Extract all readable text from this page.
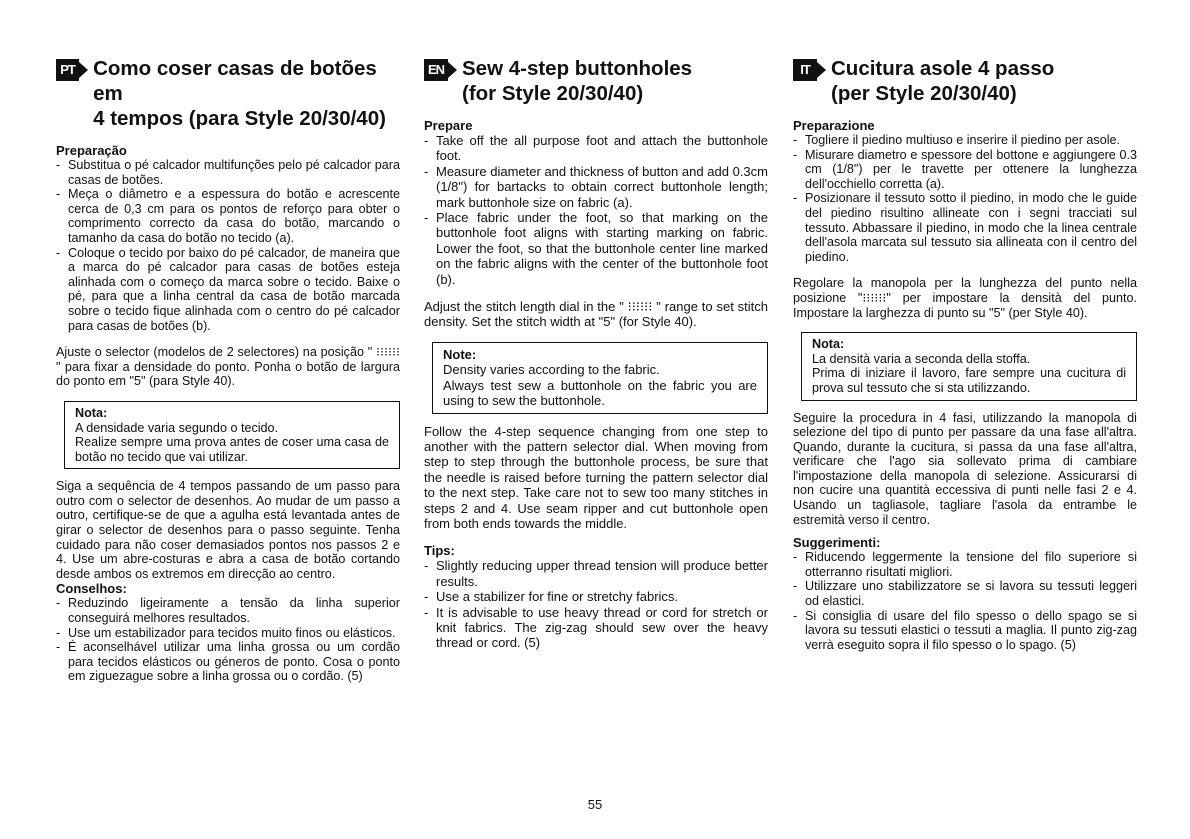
PT Como coser casas de botões em
4 tempos (para Style 20/30/40)
Preparação
- Substitua o pé calcador multifunções pelo pé calcador para casas de botões.
- Meça o diâmetro e a espessura do botão e acrescente cerca de 0,3 cm para os pontos de reforço para obter o comprimento correcto da casa do botão, marcando o tamanho da casa do botão no tecido (a).
- Coloque o tecido por baixo do pé calcador, de maneira que a marca do pé calcador para casas de botões esteja alinhada com o começo da marca sobre o tecido. Baixe o pé, para que a linha central da casa de botão marcada sobre o tecido fique alinhada com o centro do pé calcador para casas de botões (b).

Ajuste o selector (modelos de 2 selectores) na posição " ⁝⁝⁝⁝⁝⁝ " para fixar a densidade do ponto. Ponha o botão de largura do ponto em "5" (para Style 40).

Nota:

A densidade varia segundo o tecido.

Realize sempre uma prova antes de coser uma casa de botão no tecido que vai utilizar.

Siga a sequência de 4 tempos passando de um passo para outro com o selector de desenhos. Ao mudar de um passo a outro, certifique-se de que a agulha está levantada antes de girar o selector de desenhos para o passo seguinte. Tenha cuidado para não coser demasiados pontos nos passos 2 e 4. Use um abre-costuras e abra a casa de botão cortando desde ambos os extremos em direcção ao centro.

Conselhos:
- Reduzindo ligeiramente a tensão da linha superior conseguirá melhores resultados.
- Use um estabilizador para tecidos muito finos ou elásticos.
- É aconselhável utilizar uma linha grossa ou um cordão para tecidos elásticos ou géneros de ponto. Cosa o ponto em ziguezague sobre a linha grossa ou o cordão. (5)
EN Sew 4-step buttonholes
(for Style 20/30/40)
Prepare
- Take off the all purpose foot and attach the buttonhole foot.
- Measure diameter and thickness of button and add 0.3cm (1/8") for bartacks to obtain correct buttonhole length; mark buttonhole size on fabric (a).
- Place fabric under the foot, so that marking on the buttonhole foot aligns with starting marking on fabric. Lower the foot, so that the buttonhole center line marked on the fabric aligns with the center of the buttonhole foot (b).

Adjust the stitch length dial in the " ⁝⁝⁝⁝⁝⁝ " range to set stitch density. Set the stitch width at "5" (for Style 40).

Note:

Density varies according to the fabric.

Always test sew a buttonhole on the fabric you are using to sew the buttonhole.

Follow the 4-step sequence changing from one step to another with the pattern selector dial. When moving from step to step through the buttonhole process, be sure that the needle is raised before turning the pattern selector dial to the next step. Take care not to sew too many stitches in steps 2 and 4. Use seam ripper and cut buttonhole open from both ends towards the middle.

Tips:
- Slightly reducing upper thread tension will produce better results.
- Use a stabilizer for fine or stretchy fabrics.
- It is advisable to use heavy thread or cord for stretch or knit fabrics. The zig-zag should sew over the heavy thread or cord. (5)
IT	Cucitura asole 4 passo
(per Style 20/30/40)
Preparazione
- Togliere il piedino multiuso e inserire il piedino per asole.
- Misurare diametro e spessore del bottone e aggiungere 0.3 cm (1/8") per le travette per ottenere la lunghezza dell'occhiello corretta (a).
- Posizionare il tessuto sotto il piedino, in modo che le guide del piedino risultino allineate con i segni tracciati sul tessuto. Abbassare il piedino, in modo che la linea centrale dell'asola marcata sul tessuto sia allineata con il centro del piedino.

Regolare la manopola per la lunghezza del punto nella posizione "⁝⁝⁝⁝⁝⁝" per impostare la densità del punto. Impostare la larghezza di punto su "5" (per Style 40).

Nota:

La densità varia a seconda della stoffa.

Prima di iniziare il lavoro, fare sempre una cucitura di prova sul tessuto che si sta utilizzando.

Seguire la procedura in 4 fasi, utilizzando la manopola di selezione del tipo di punto per passare da una fase all'altra. Quando, durante la cucitura, si passa da una fase all'altra, verificare che l'ago sia sollevato prima di cambiare l'impostazione della manopola di selezione. Assicurarsi di non cucire una quantità eccessiva di punti nelle fasi 2 e 4. Usando un tagliasole, tagliare l'asola da entrambe le estremità verso il centro.

Suggerimenti:
- Riducendo leggermente la tensione del filo superiore si otterranno risultati migliori.
- Utilizzare uno stabilizzatore se si lavora su tessuti leggeri od elastici.
- Si consiglia di usare del filo spesso o dello spago se si lavora su tessuti elastici o tessuti a maglia. Il punto zig-zag verrà eseguito sopra il filo spesso o lo spago. (5)
55
